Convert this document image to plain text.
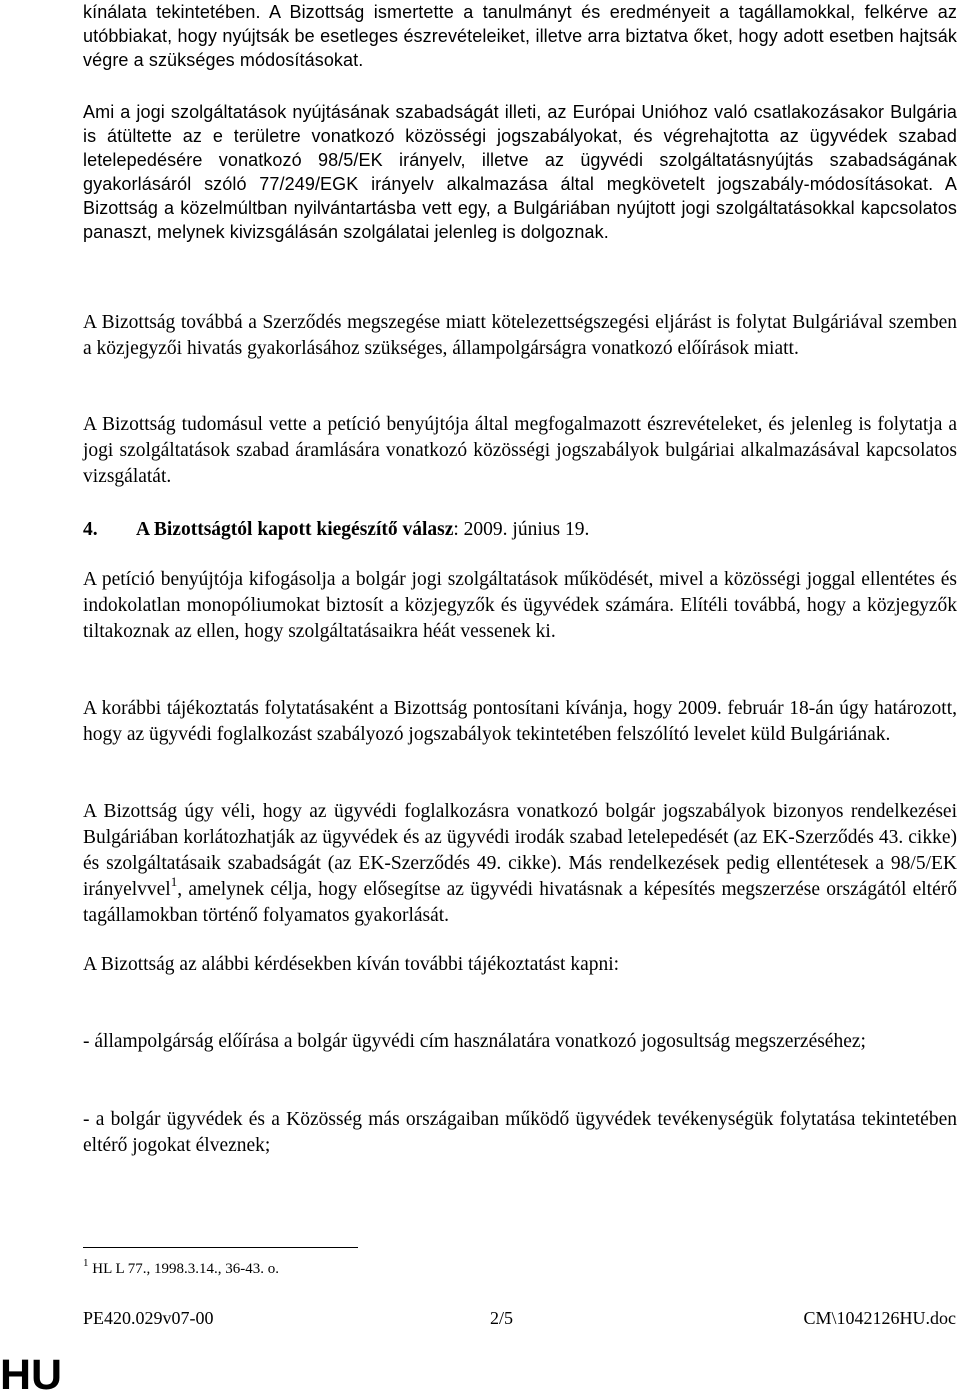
kínálata tekintetében. A Bizottság ismertette a tanulmányt és eredményeit a tagállamokkal, felkérve az utóbbiakat, hogy nyújtsák be esetleges észrevételeiket, illetve arra biztatva őket, hogy adott esetben hajtsák végre a szükséges módosításokat.

Ami a jogi szolgáltatások nyújtásának szabadságát illeti, az Európai Unióhoz való csatlakozásakor Bulgária is átültette az e területre vonatkozó közösségi jogszabályokat, és végrehajtotta az ügyvédek szabad letelepedésére vonatkozó 98/5/EK irányelv, illetve az ügyvédi szolgáltatásnyújtás szabadságának gyakorlásáról szóló 77/249/EGK irányelv alkalmazása által megkövetelt jogszabály-módosításokat. A Bizottság a közelmúltban nyilvántartásba vett egy, a Bulgáriában nyújtott jogi szolgáltatásokkal kapcsolatos panaszt, melynek kivizsgálásán szolgálatai jelenleg is dolgoznak.

A Bizottság továbbá a Szerződés megszegése miatt kötelezettségszegési eljárást is folytat Bulgáriával szemben a közjegyzői hivatás gyakorlásához szükséges, állampolgárságra vonatkozó előírások miatt.

A Bizottság tudomásul vette a petíció benyújtója által megfogalmazott észrevételeket, és jelenleg is folytatja a jogi szolgáltatások szabad áramlására vonatkozó közösségi jogszabályok bulgáriai alkalmazásával kapcsolatos vizsgálatát.

4. A Bizottságtól kapott kiegészítő válasz: 2009. június 19.

A petíció benyújtója kifogásolja a bolgár jogi szolgáltatások működését, mivel a közösségi joggal ellentétes és indokolatlan monopóliumokat biztosít a közjegyzők és ügyvédek számára. Elítéli továbbá, hogy a közjegyzők tiltakoznak az ellen, hogy szolgáltatásaikra héát vessenek ki.

A korábbi tájékoztatás folytatásaként a Bizottság pontosítani kívánja, hogy 2009. február 18-án úgy határozott, hogy az ügyvédi foglalkozást szabályozó jogszabályok tekintetében felszólító levelet küld Bulgáriának.

A Bizottság úgy véli, hogy az ügyvédi foglalkozásra vonatkozó bolgár jogszabályok bizonyos rendelkezései Bulgáriában korlátozhatják az ügyvédek és az ügyvédi irodák szabad letelepedését (az EK-Szerződés 43. cikke) és szolgáltatásaik szabadságát (az EK-Szerződés 49. cikke). Más rendelkezések pedig ellentétesek a 98/5/EK irányelvvel$^1$, amelynek célja, hogy elősegítse az ügyvédi hivatásnak a képesítés megszerzése országától eltérő tagállamokban történő folyamatos gyakorlását.

A Bizottság az alábbi kérdésekben kíván további tájékoztatást kapni:

- állampolgárság előírása a bolgár ügyvédi cím használatára vonatkozó jogosultság megszerzéséhez;

- a bolgár ügyvédek és a Közösség más országaiban működő ügyvédek tevékenységük folytatása tekintetében eltérő jogokat élveznek;

$^1$ HL L 77., 1998.3.14., 36-43. o.
PE420.029v07-00	2/5	CM\1042126HU.doc
HU
